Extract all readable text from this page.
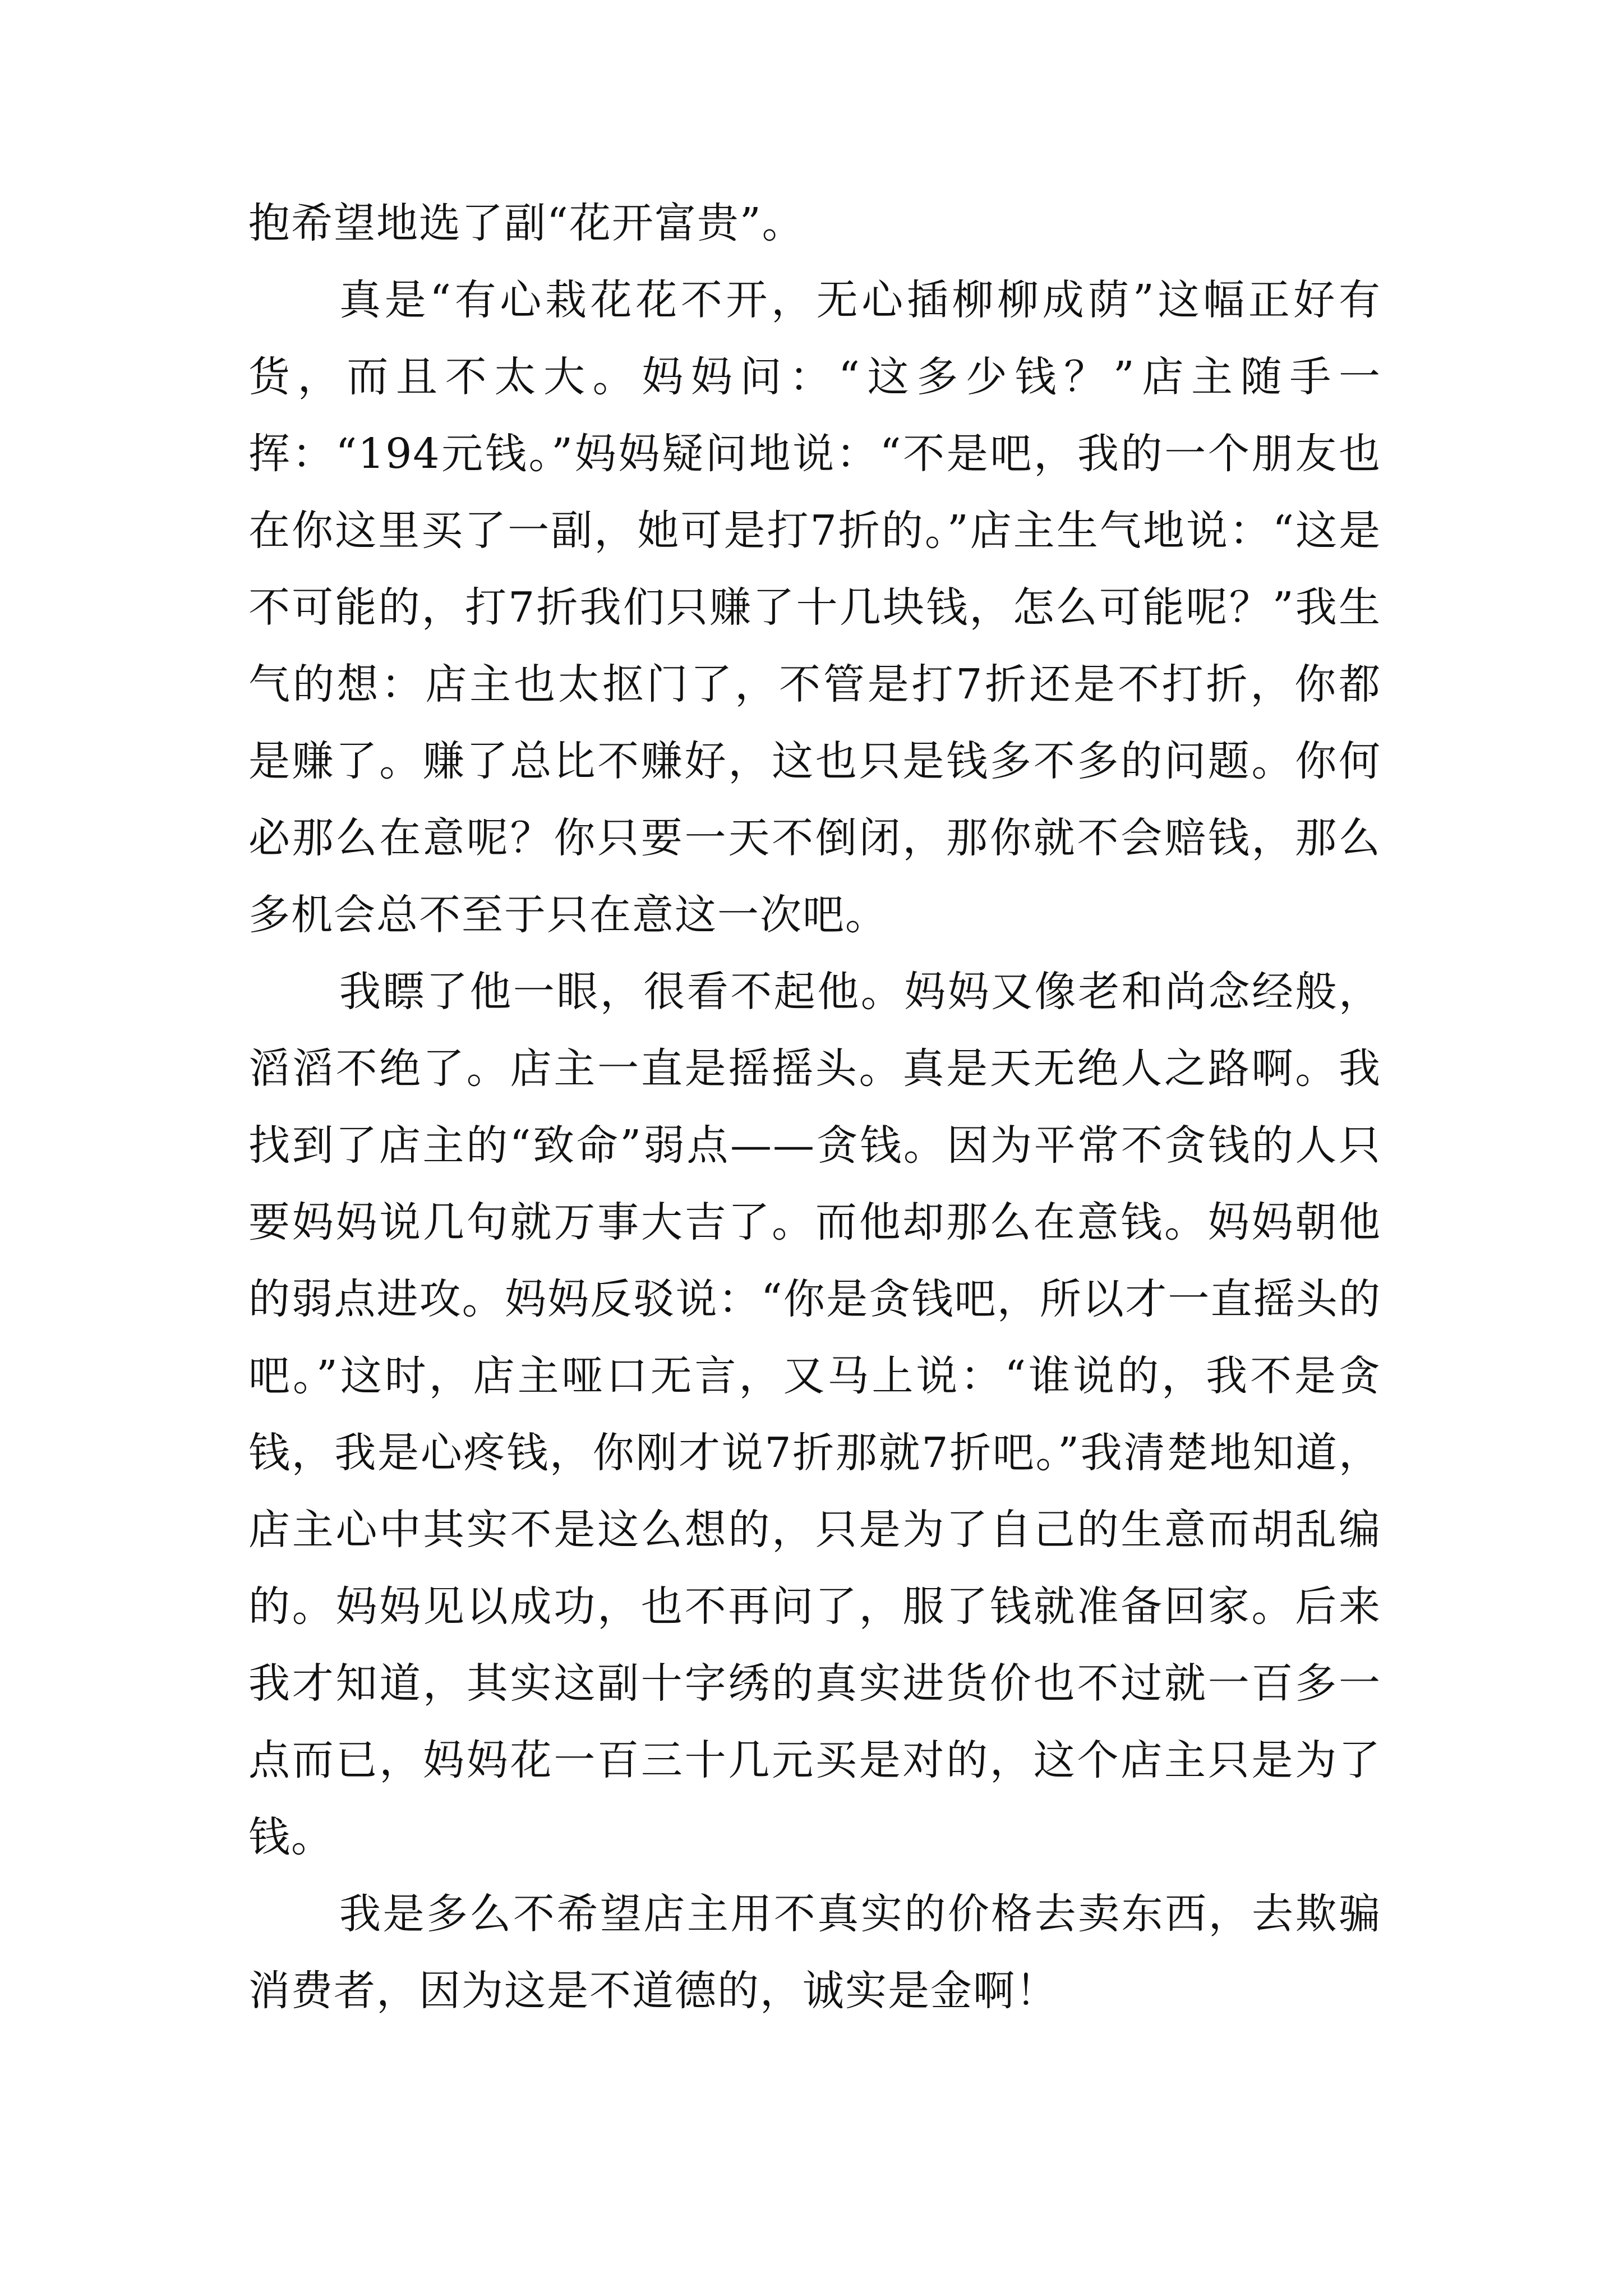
抱希望地选了副“花开富贵”。

真是“有心栽花花不开，无心插柳柳成荫”这幅正好有货，而且不太大。妈妈问：“这多少钱？”店主随手一挥：“194元钱。”妈妈疑问地说：“不是吧，我的一个朋友也在你这里买了一副，她可是打7折的。”店主生气地说：“这是不可能的，打7折我们只赚了十几块钱，怎么可能呢？”我生气的想：店主也太抠门了，不管是打7折还是不打折，你都是赚了。赚了总比不赚好，这也只是钱多不多的问题。你何必那么在意呢？你只要一天不倒闭，那你就不会赔钱，那么多机会总不至于只在意这一次吧。

我瞟了他一眼，很看不起他。妈妈又像老和尚念经般，滔滔不绝了。店主一直是摇摇头。真是天无绝人之路啊。我找到了店主的“致命”弱点——贪钱。因为平常不贪钱的人只要妈妈说几句就万事大吉了。而他却那么在意钱。妈妈朝他的弱点进攻。妈妈反驳说：“你是贪钱吧，所以才一直摇头的吧。”这时，店主哑口无言，又马上说：“谁说的，我不是贪钱，我是心疼钱，你刚才说7折那就7折吧。”我清楚地知道，店主心中其实不是这么想的，只是为了自己的生意而胡乱编的。妈妈见以成功，也不再问了，服了钱就准备回家。后来我才知道，其实这副十字绣的真实进货价也不过就一百多一点而已，妈妈花一百三十几元买是对的，这个店主只是为了钱。

我是多么不希望店主用不真实的价格去卖东西，去欺骗消费者，因为这是不道德的，诚实是金啊！
